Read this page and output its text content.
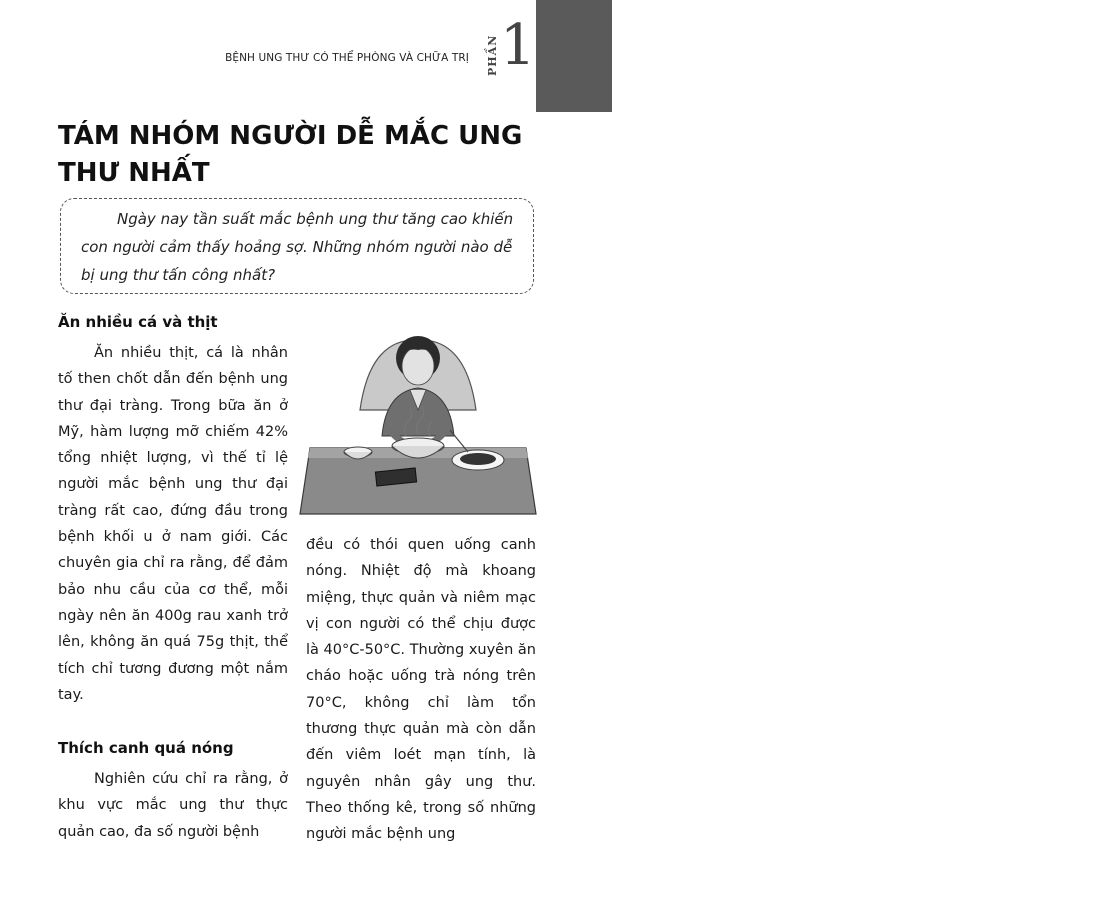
11
BỆNH UNG THƯ CÓ THỂ PHÒNG VÀ CHỮA TRỊ PHẦN 1
TÁM NHÓM NGƯỜI DỄ MẮC UNG THƯ NHẤT
Ngày nay tần suất mắc bệnh ung thư tăng cao khiến con người cảm thấy hoảng sợ. Những nhóm người nào dễ bị ung thư tấn công nhất?
Ăn nhiều cá và thịt

Ăn nhiều thịt, cá là nhân tố then chốt dẫn đến bệnh ung thư đại tràng. Trong bữa ăn ở Mỹ, hàm lượng mỡ chiếm 42% tổng nhiệt lượng, vì thế tỉ lệ người mắc bệnh ung thư đại tràng rất cao, đứng đầu trong bệnh khối u ở nam giới. Các chuyên gia chỉ ra rằng, để đảm bảo nhu cầu của cơ thể, mỗi ngày nên ăn 400g rau xanh trở lên, không ăn quá 75g thịt, thể tích chỉ tương đương một nắm tay.

Thích canh quá nóng

Nghiên cứu chỉ ra rằng, ở khu vực mắc ung thư thực quản cao, đa số người bệnh

đều có thói quen uống canh nóng. Nhiệt độ mà khoang miệng, thực quản và niêm mạc vị con người có thể chịu được là 40°C-50°C. Thường xuyên ăn cháo hoặc uống trà nóng trên 70°C, không chỉ làm tổn thương thực quản mà còn dẫn đến viêm loét mạn tính, là nguyên nhân gây ung thư. Theo thống kê, trong số những người mắc bệnh ung
